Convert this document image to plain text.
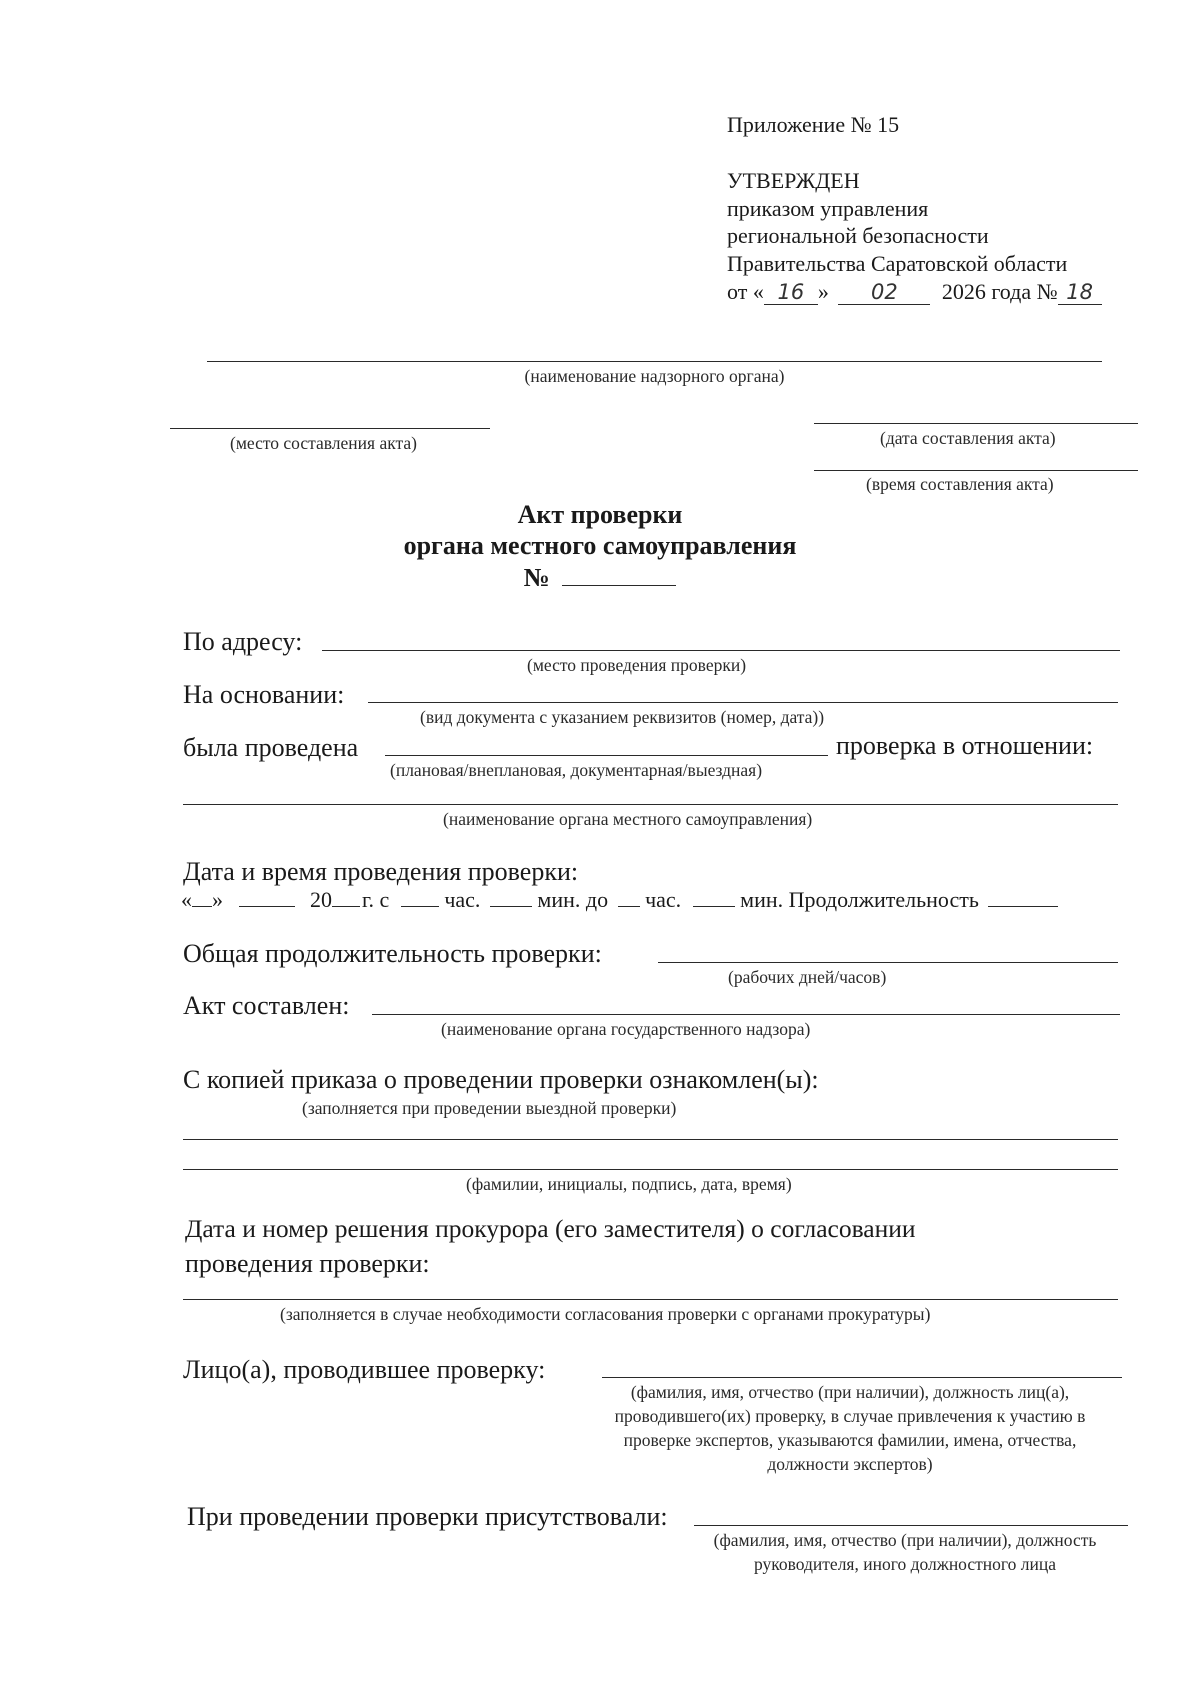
Приложение № 15
УТВЕРЖДЕН
приказом управления
региональной безопасности
Правительства Саратовской области
от « 16 » 02 2026 года № 18
(наименование надзорного органа)
(место составления акта)	(дата составления акта)
(время составления акта)
Акт проверки
органа местного самоуправления
№
По адресу:
(место проведения проверки)
На основании:
(вид документа с указанием реквизитов (номер, дата))
была проведена	проверка в отношении:
(плановая/внеплановая, документарная/выездная)
(наименование органа местного самоуправления)
Дата и время проведения проверки:
« »	20 г. с	час.	мин. до час.	мин. Продолжительность
Общая продолжительность проверки:
(рабочих дней/часов)
Акт составлен:
(наименование органа государственного надзора)
С копией приказа о проведении проверки ознакомлен(ы):
(заполняется при проведении выездной проверки)
(фамилии, инициалы, подпись, дата, время)
Дата и номер решения прокурора (его заместителя) о согласовании
проведения проверки:
(заполняется в случае необходимости согласования проверки с органами прокуратуры)
Лицо(а), проводившее проверку:
(фамилия, имя, отчество (при наличии), должность лиц(а),
проводившего(их) проверку, в случае привлечения к участию в
проверке экспертов, указываются фамилии, имена, отчества,
должности экспертов)
При проведении проверки присутствовали:
(фамилия, имя, отчество (при наличии), должность
руководителя, иного должностного лица
